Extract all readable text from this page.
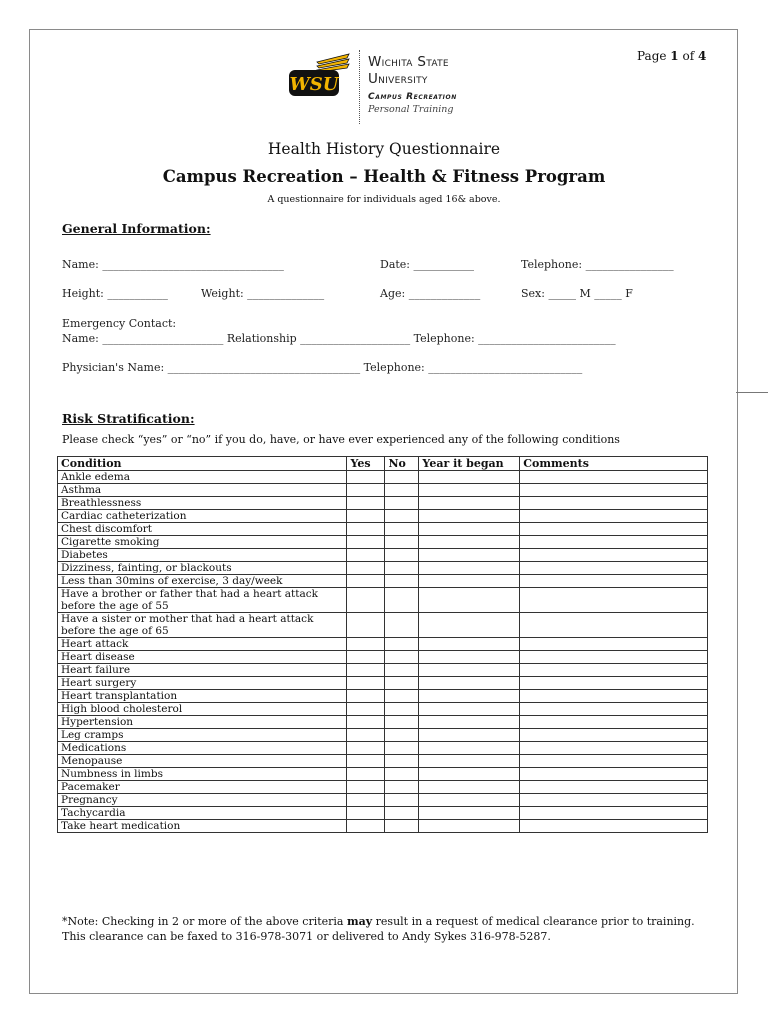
WSU
Wichita State
University
Campus Recreation
Personal Training
Page 1 of 4
Health History Questionnaire
Campus Recreation – Health & Fitness Program
A questionnaire for individuals aged 16& above.
General Information:
Name: _________________________________	Date: ___________	Telephone: ________________
Height: ___________	Weight: ______________	Age: _____________	Sex: _____ M _____ F
Emergency Contact:
Name: ______________________ Relationship ____________________ Telephone: _________________________
Physician's Name: ___________________________________ Telephone: ____________________________
Risk Stratification:
Please check “yes” or “no” if you do, have, or have ever experienced any of the following conditions
Condition	Yes	No	Year it began	Comments
Ankle edema				
Asthma				
Breathlessness				
Cardiac catheterization				
Chest discomfort				
Cigarette smoking				
Diabetes				
Dizziness, fainting, or blackouts				
Less than 30mins of exercise, 3 day/week				
Have a brother or father that had a heart attack before the age of 55				
Have a sister or mother that had a heart attack before the age of 65				
Heart attack				
Heart disease				
Heart failure				
Heart surgery				
Heart transplantation				
High blood cholesterol				
Hypertension				
Leg cramps				
Medications				
Menopause				
Numbness in limbs				
Pacemaker				
Pregnancy				
Tachycardia				
Take heart medication				
*Note: Checking in 2 or more of the above criteria may result in a request of medical clearance prior to training.
This clearance can be faxed to 316-978-3071 or delivered to Andy Sykes 316-978-5287.
